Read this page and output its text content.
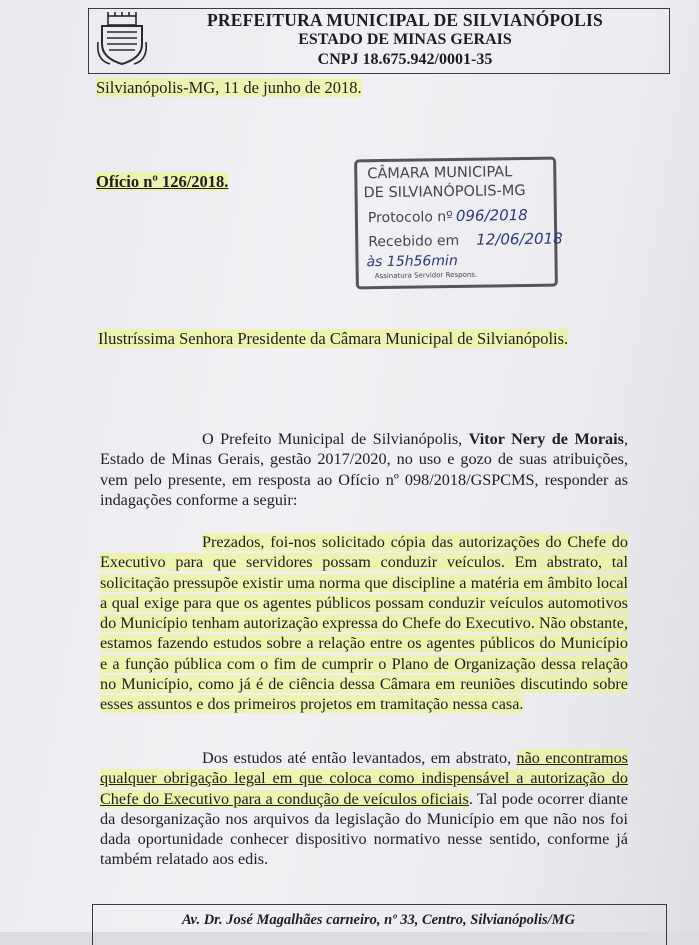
PREFEITURA MUNICIPAL DE SILVIANÓPOLIS
ESTADO DE MINAS GERAIS
CNPJ 18.675.942/0001-35
Silvianópolis-MG, 11 de junho de 2018.
Ofício nº 126/2018.	CÂMARA MUNICIPAL
DE SILVIANÓPOLIS-MG
Protocolo nº 096/2018
Recebido em 12/06/2018
às 15h56min
Assinatura Servidor Respons.
Ilustríssima Senhora Presidente da Câmara Municipal de Silvianópolis.
O Prefeito Municipal de Silvianópolis, Vitor Nery de Morais, Estado de Minas Gerais, gestão 2017/2020, no uso e gozo de suas atribuições, vem pelo presente, em resposta ao Ofício nº 098/2018/GSPCMS, responder as indagações conforme a seguir:
Prezados, foi-nos solicitado cópia das autorizações do Chefe do Executivo para que servidores possam conduzir veículos. Em abstrato, tal solicitação pressupõe existir uma norma que discipline a matéria em âmbito local a qual exige para que os agentes públicos possam conduzir veículos automotivos do Município tenham autorização expressa do Chefe do Executivo. Não obstante, estamos fazendo estudos sobre a relação entre os agentes públicos do Município e a função pública com o fim de cumprir o Plano de Organização dessa relação no Município, como já é de ciência dessa Câmara em reuniões discutindo sobre esses assuntos e dos primeiros projetos em tramitação nessa casa.
Dos estudos até então levantados, em abstrato, não encontramos qualquer obrigação legal em que coloca como indispensável a autorização do Chefe do Executivo para a condução de veículos oficiais. Tal pode ocorrer diante da desorganização nos arquivos da legislação do Município em que não nos foi dada oportunidade conhecer dispositivo normativo nesse sentido, conforme já também relatado aos edis.
Av. Dr. José Magalhães carneiro, nº 33, Centro, Silvianópolis/MG
